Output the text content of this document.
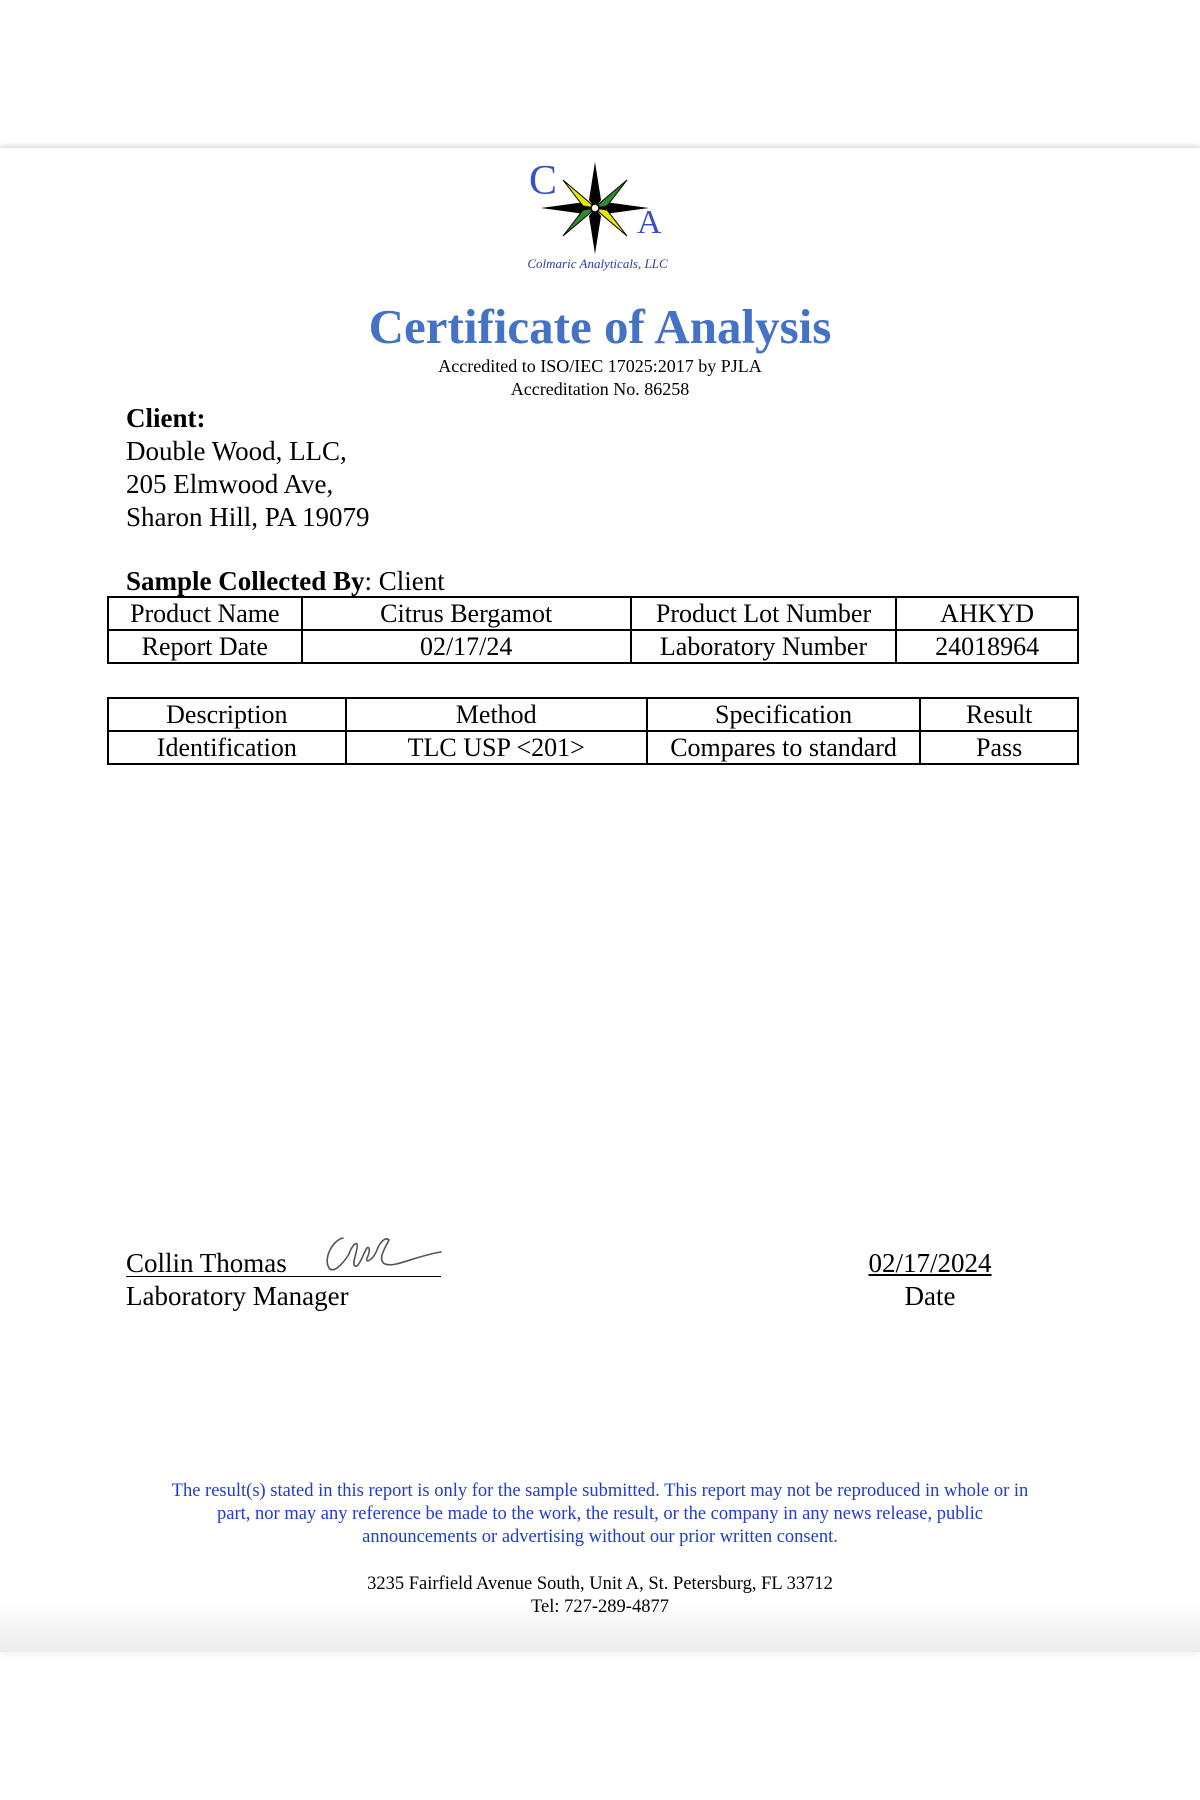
C
A
Colmaric Analyticals, LLC
Certificate of Analysis
Accredited to ISO/IEC 17025:2017 by PJLA
Accreditation No. 86258
Client:
Double Wood, LLC,
205 Elmwood Ave,
Sharon Hill, PA 19079
Sample Collected By: Client
Product Name	Citrus Bergamot	Product Lot Number	AHKYD
Report Date	02/17/24	Laboratory Number	24018964
Description	Method	Specification	Result
Identification	TLC USP <201>	Compares to standard	Pass
Collin Thomas
Laboratory Manager
02/17/2024
Date
The result(s) stated in this report is only for the sample submitted. This report may not be reproduced in whole or in
part, nor may any reference be made to the work, the result, or the company in any news release, public
announcements or advertising without our prior written consent.
3235 Fairfield Avenue South, Unit A, St. Petersburg, FL 33712
Tel: 727-289-4877
